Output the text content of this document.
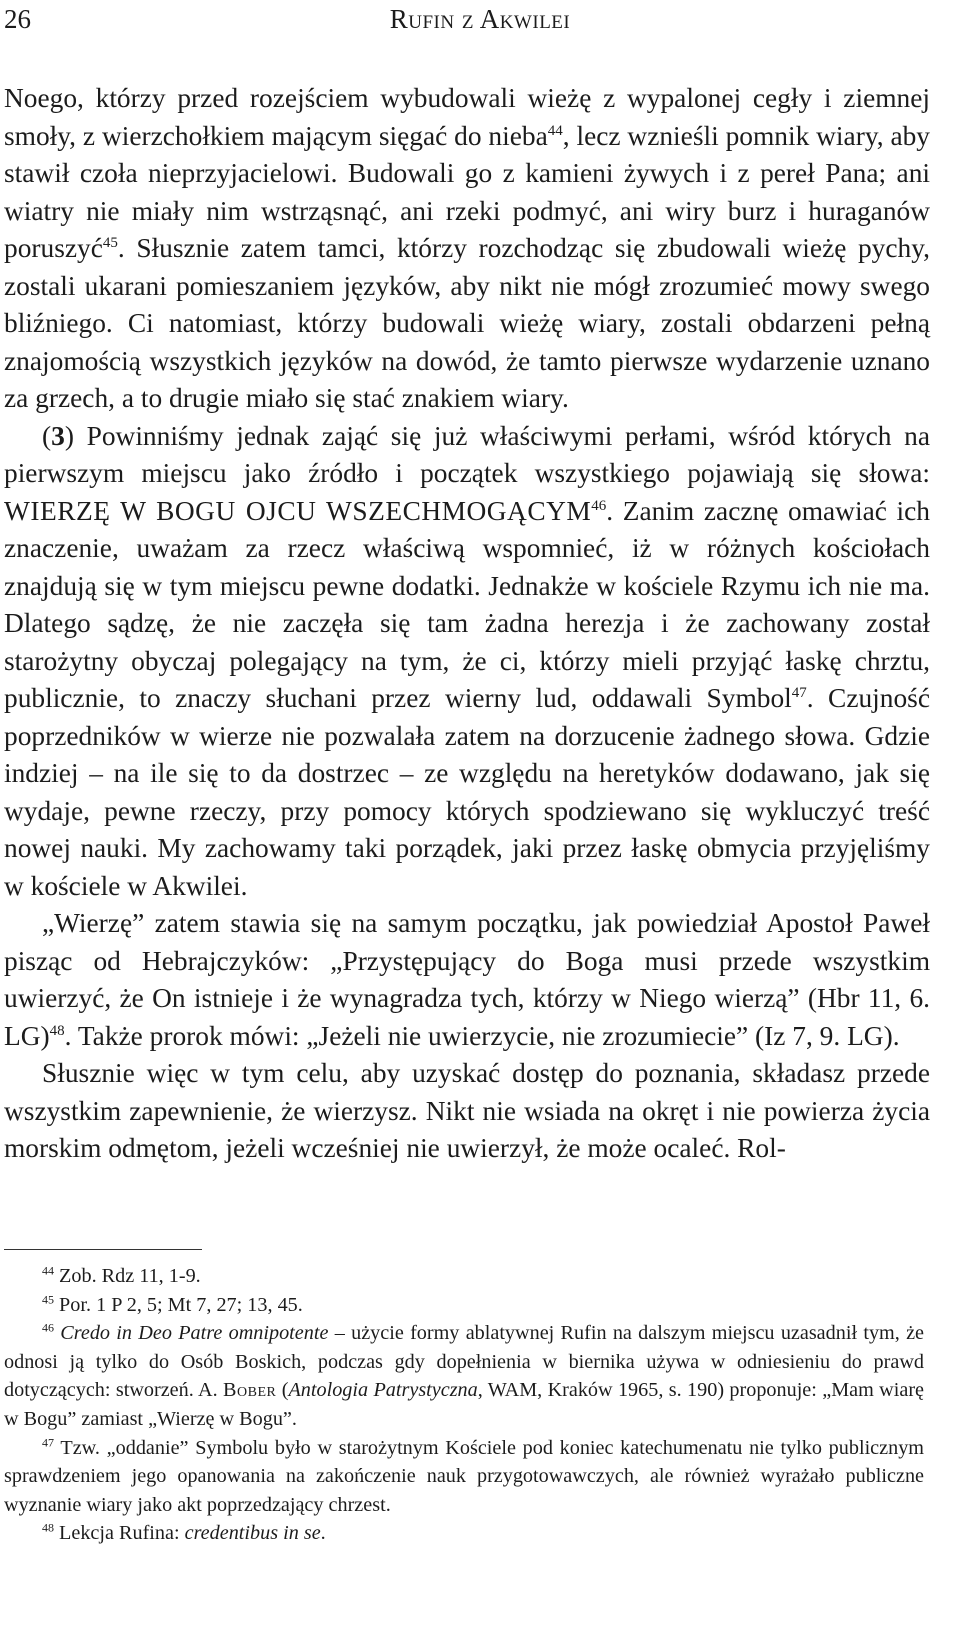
26	Rufin z Akwilei

Noego, którzy przed rozejściem wybudowali wieżę z wypalonej cegły i ziemnej smoły, z wierzchołkiem mającym sięgać do nieba$^{44}$, lecz wznieśli pomnik wiary, aby stawił czoła nieprzyjacielowi. Budowali go z kamieni żywych i z pereł Pana; ani wiatry nie miały nim wstrząsnąć, ani rzeki podmyć, ani wiry burz i huraganów poruszyć$^{45}$. Słusznie zatem tamci, którzy rozchodząc się zbudowali wieżę pychy, zostali ukarani pomieszaniem języków, aby nikt nie mógł zrozumieć mowy swego bliźniego. Ci natomiast, którzy budowali wieżę wiary, zostali obdarzeni pełną znajomością wszystkich języków na dowód, że tamto pierwsze wydarzenie uznano za grzech, a to drugie miało się stać znakiem wiary.

(3) Powinniśmy jednak zająć się już właściwymi perłami, wśród których na pierwszym miejscu jako źródło i początek wszystkiego pojawiają się słowa: WIERZĘ W BOGU OJCU WSZECHMOGĄCYM$^{46}$. Zanim zacznę omawiać ich znaczenie, uważam za rzecz właściwą wspomnieć, iż w różnych kościołach znajdują się w tym miejscu pewne dodatki. Jednakże w kościele Rzymu ich nie ma. Dlatego sądzę, że nie zaczęła się tam żadna herezja i że zachowany został starożytny obyczaj polegający na tym, że ci, którzy mieli przyjąć łaskę chrztu, publicznie, to znaczy słuchani przez wierny lud, oddawali Symbol$^{47}$. Czujność poprzedników w wierze nie pozwalała zatem na dorzucenie żadnego słowa. Gdzie indziej – na ile się to da dostrzec – ze względu na heretyków dodawano, jak się wydaje, pewne rzeczy, przy pomocy których spodziewano się wykluczyć treść nowej nauki. My zachowamy taki porządek, jaki przez łaskę obmycia przyjęliśmy w kościele w Akwilei.

„Wierzę” zatem stawia się na samym początku, jak powiedział Apostoł Paweł pisząc od Hebrajczyków: „Przystępujący do Boga musi przede wszystkim uwierzyć, że On istnieje i że wynagradza tych, którzy w Niego wierzą” (Hbr 11, 6. LG)$^{48}$. Także prorok mówi: „Jeżeli nie uwierzycie, nie zrozumiecie” (Iz 7, 9. LG).

Słusznie więc w tym celu, aby uzyskać dostęp do poznania, składasz przede wszystkim zapewnienie, że wierzysz. Nikt nie wsiada na okręt i nie powierza życia morskim odmętom, jeżeli wcześniej nie uwierzył, że może ocaleć. Rol-

$^{44}$ Zob. Rdz 11, 1-9.

$^{45}$ Por. 1 P 2, 5; Mt 7, 27; 13, 45.

$^{46}$ Credo in Deo Patre omnipotente – użycie formy ablatywnej Rufin na dalszym miejscu uzasadnił tym, że odnosi ją tylko do Osób Boskich, podczas gdy dopełnienia w biernika używa w odniesieniu do prawd dotyczących: stworzeń. A. Bober (Antologia Patrystyczna, WAM, Kraków 1965, s. 190) proponuje: „Mam wiarę w Bogu” zamiast „Wierzę w Bogu”.

$^{47}$ Tzw. „oddanie” Symbolu było w starożytnym Kościele pod koniec katechumenatu nie tylko publicznym sprawdzeniem jego opanowania na zakończenie nauk przygotowawczych, ale również wyrażało publiczne wyznanie wiary jako akt poprzedzający chrzest.

$^{48}$ Lekcja Rufina: credentibus in se.
